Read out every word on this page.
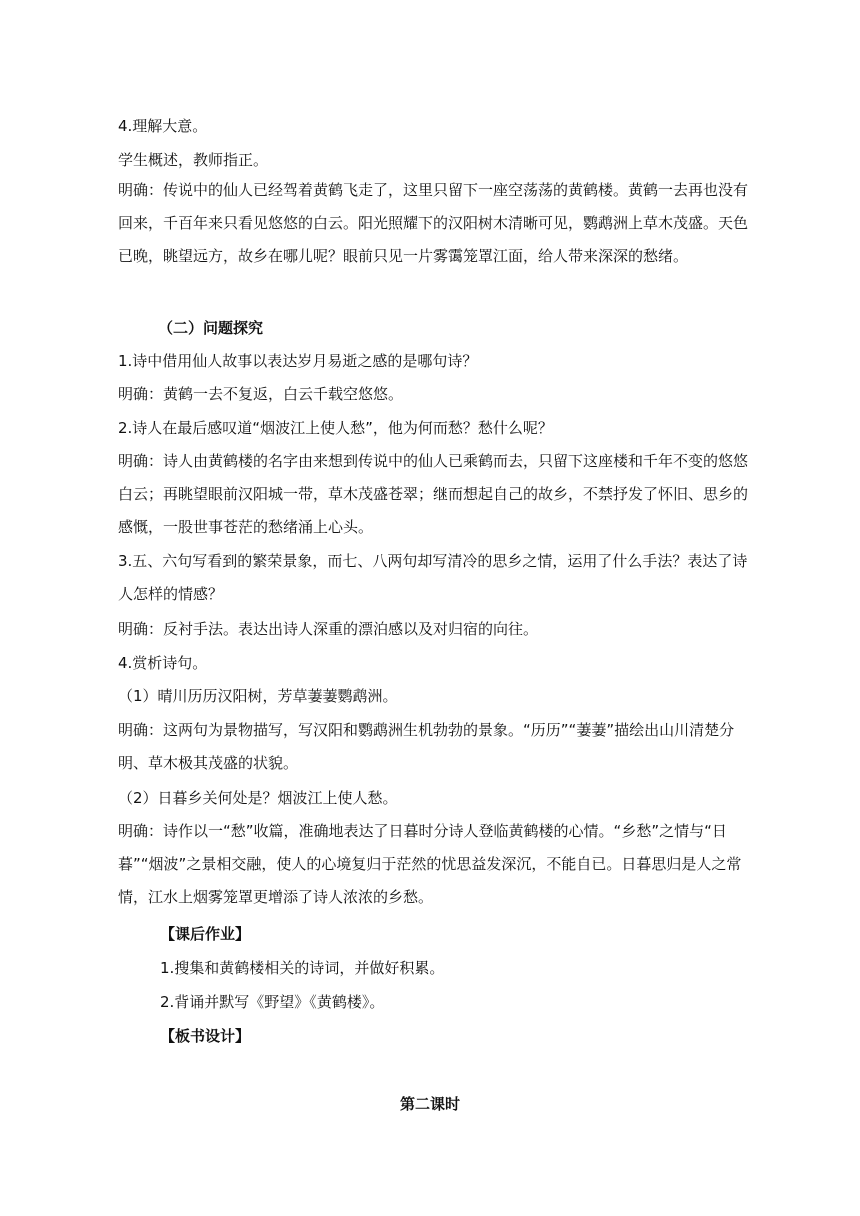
4.理解大意。
学生概述，教师指正。
明确：传说中的仙人已经驾着黄鹤飞走了，这里只留下一座空荡荡的黄鹤楼。黄鹤一去再也没有回来，千百年来只看见悠悠的白云。阳光照耀下的汉阳树木清晰可见，鹦鹉洲上草木茂盛。天色已晚，眺望远方，故乡在哪儿呢？眼前只见一片雾霭笼罩江面，给人带来深深的愁绪。
（二）问题探究
1.诗中借用仙人故事以表达岁月易逝之感的是哪句诗？
明确：黄鹤一去不复返，白云千载空悠悠。
2.诗人在最后感叹道“烟波江上使人愁”，他为何而愁？愁什么呢？
明确：诗人由黄鹤楼的名字由来想到传说中的仙人已乘鹤而去，只留下这座楼和千年不变的悠悠白云；再眺望眼前汉阳城一带，草木茂盛苍翠；继而想起自己的故乡，不禁抒发了怀旧、思乡的感慨，一股世事苍茫的愁绪涌上心头。
3.五、六句写看到的繁荣景象，而七、八两句却写清冷的思乡之情，运用了什么手法？表达了诗人怎样的情感？
明确：反衬手法。表达出诗人深重的漂泊感以及对归宿的向往。
4.赏析诗句。
（1）晴川历历汉阳树，芳草萋萋鹦鹉洲。
明确：这两句为景物描写，写汉阳和鹦鹉洲生机勃勃的景象。“历历”“萋萋”描绘出山川清楚分明、草木极其茂盛的状貌。
（2）日暮乡关何处是？烟波江上使人愁。
明确：诗作以一“愁”收篇，准确地表达了日暮时分诗人登临黄鹤楼的心情。“乡愁”之情与“日暮”“烟波”之景相交融，使人的心境复归于茫然的忧思益发深沉，不能自已。日暮思归是人之常情，江水上烟雾笼罩更增添了诗人浓浓的乡愁。
【课后作业】
1.搜集和黄鹤楼相关的诗词，并做好积累。
2.背诵并默写《野望》《黄鹤楼》。
【板书设计】
第二课时
